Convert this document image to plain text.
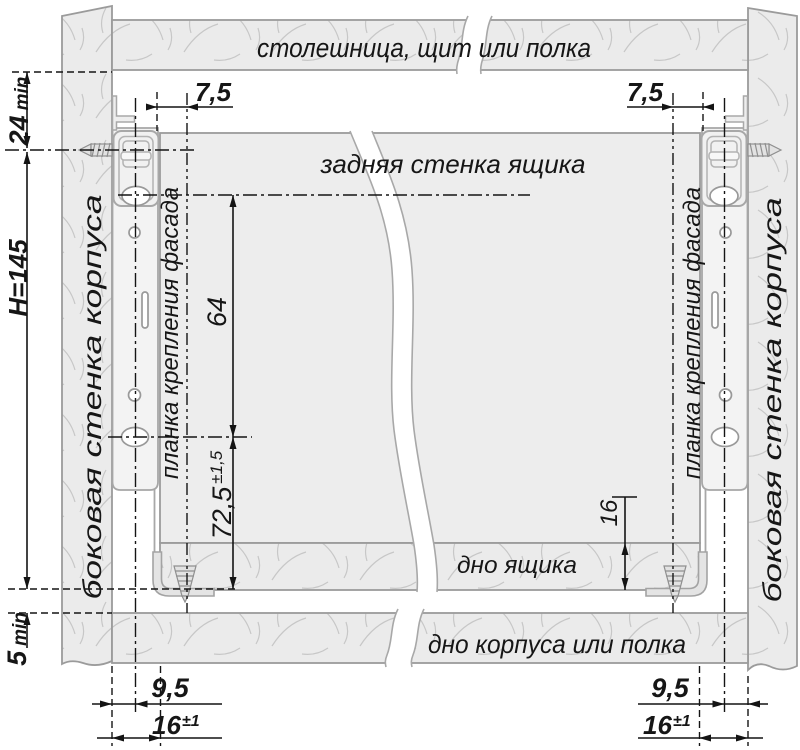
столешница, щит или полка
задняя стенка ящика
дно ящика
дно корпуса или полка
боковая стенка корпуса	боковая стенка корпуса
планка крепления фасада	планка крепления фасада
24min
H=145
5min
7,5	7,5
64
72,5±1,5
16
9,5	9,5
16±1	16±1
